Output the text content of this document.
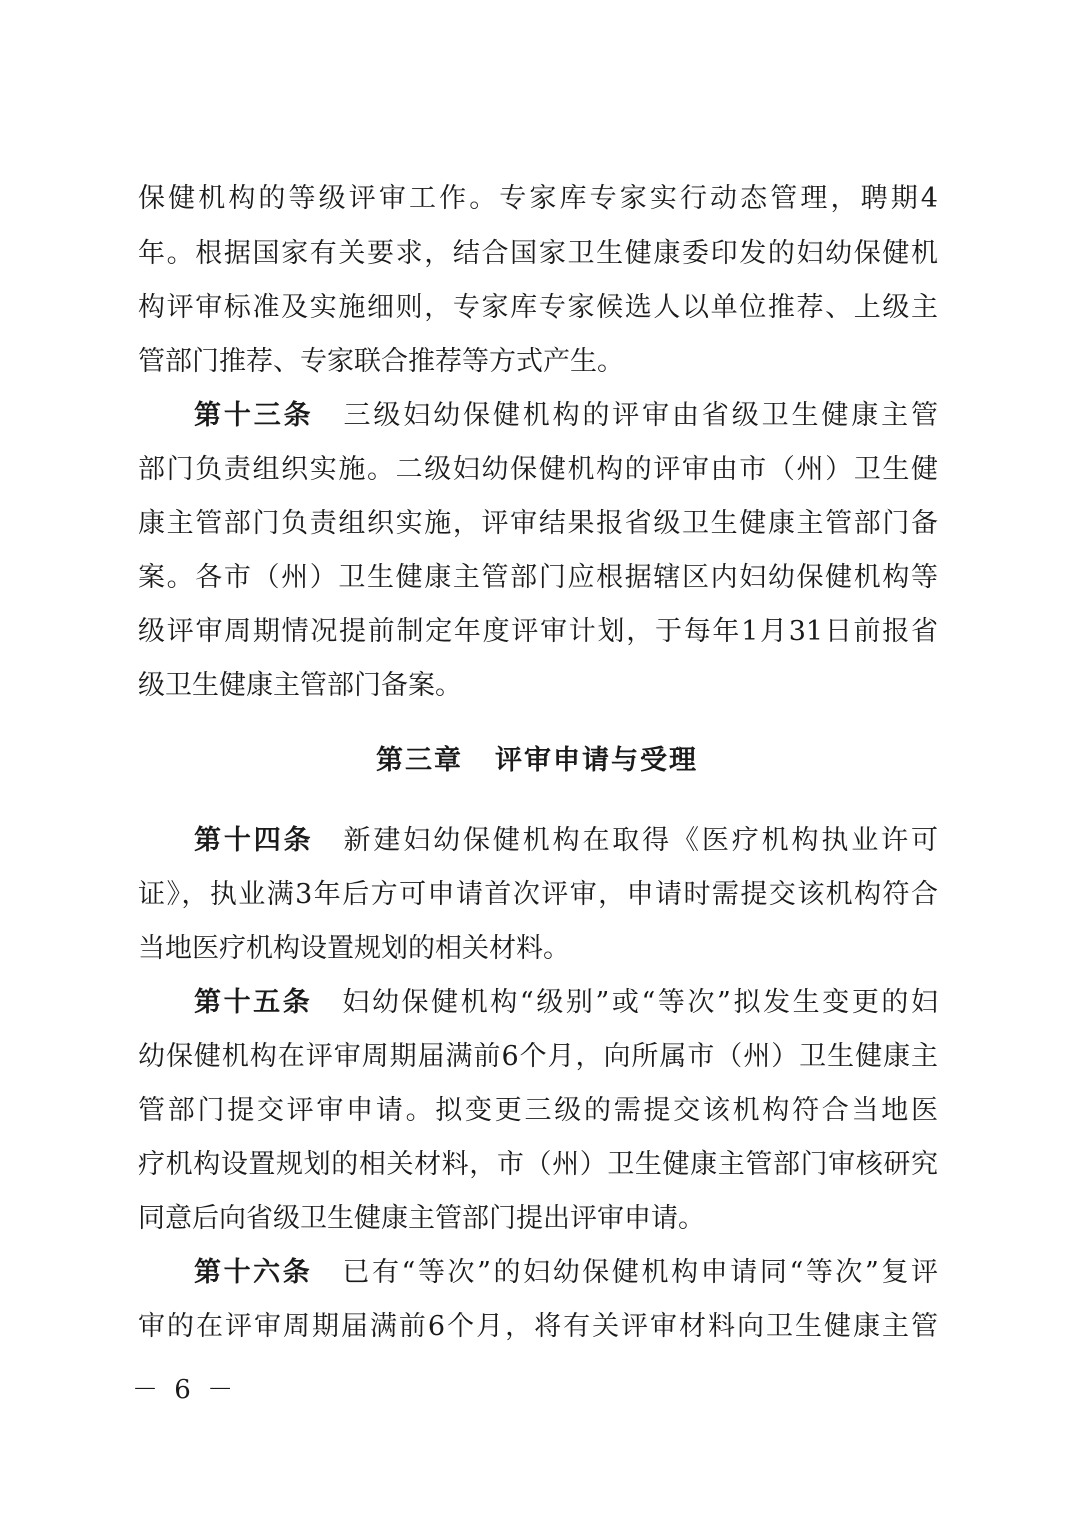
保健机构的等级评审工作。专家库专家实行动态管理，聘期4
年。根据国家有关要求，结合国家卫生健康委印发的妇幼保健机
构评审标准及实施细则，专家库专家候选人以单位推荐、上级主
管部门推荐、专家联合推荐等方式产生。
第十三条 三级妇幼保健机构的评审由省级卫生健康主管
部门负责组织实施。二级妇幼保健机构的评审由市（州）卫生健
康主管部门负责组织实施，评审结果报省级卫生健康主管部门备
案。各市（州）卫生健康主管部门应根据辖区内妇幼保健机构等
级评审周期情况提前制定年度评审计划，于每年1月31日前报省
级卫生健康主管部门备案。
第三章 评审申请与受理
第十四条 新建妇幼保健机构在取得《医疗机构执业许可
证》，执业满3年后方可申请首次评审，申请时需提交该机构符合
当地医疗机构设置规划的相关材料。
第十五条 妇幼保健机构“级别”或“等次”拟发生变更的妇
幼保健机构在评审周期届满前6个月，向所属市（州）卫生健康主
管部门提交评审申请。拟变更三级的需提交该机构符合当地医
疗机构设置规划的相关材料，市（州）卫生健康主管部门审核研究
同意后向省级卫生健康主管部门提出评审申请。
第十六条 已有“等次”的妇幼保健机构申请同“等次”复评
审的在评审周期届满前6个月，将有关评审材料向卫生健康主管
－ 6 －
